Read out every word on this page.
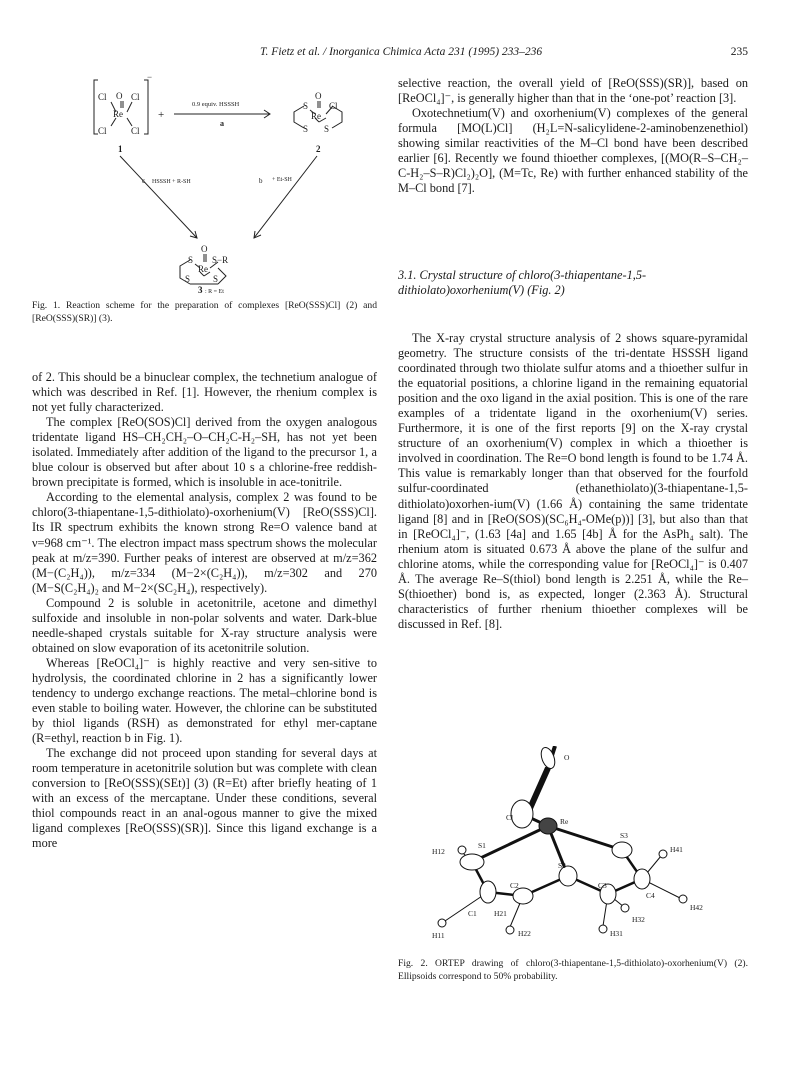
T. Fietz et al. / Inorganica Chimica Acta 231 (1995) 233–236	235
−
O
Cl	Cl
Re
Cl	Cl
+
0.9 equiv. HSSSH
a
O
S Cl
Re
S S
1	2
c HSSSH + R-SH	b + Et-SH
O
S S−R
Re
S	S
3 : R = Et
Fig. 1. Reaction scheme for the preparation of complexes [ReO(SSS)Cl] (2) and [ReO(SSS)(SR)] (3).

of 2. This should be a binuclear complex, the technetium analogue of which was described in Ref. [1]. However, the rhenium complex is not yet fully characterized.

The complex [ReO(SOS)Cl] derived from the oxygen analogous tridentate ligand HS–CH₂CH₂–O–CH₂C-H₂–SH, has not yet been isolated. Immediately after addition of the ligand to the precursor 1, a blue colour is observed but after about 10 s a chlorine-free reddish-brown precipitate is formed, which is insoluble in ace-tonitrile.

According to the elemental analysis, complex 2 was found to be chloro(3-thiapentane-1,5-dithiolato)-oxorhenium(V) [ReO(SSS)Cl]. Its IR spectrum exhibits the known strong Re=O valence band at ν=968 cm⁻¹. The electron impact mass spectrum shows the molecular peak at m/z=390. Further peaks of interest are observed at m/z=362 (M−(C₂H₄)), m/z=334 (M−2×(C₂H₄)), m/z=302 and 270 (M−S(C₂H₄)₂ and M−2×(SC₂H₄), respectively).

Compound 2 is soluble in acetonitrile, acetone and dimethyl sulfoxide and insoluble in non-polar solvents and water. Dark-blue needle-shaped crystals suitable for X-ray structure analysis were obtained on slow evaporation of its acetonitrile solution.

Whereas [ReOCl₄]⁻ is highly reactive and very sen-sitive to hydrolysis, the coordinated chlorine in 2 has a significantly lower tendency to undergo exchange reactions. The metal–chlorine bond is even stable to boiling water. However, the chlorine can be substituted by thiol ligands (RSH) as demonstrated for ethyl mer-captane (R=ethyl, reaction b in Fig. 1).

The exchange did not proceed upon standing for several days at room temperature in acetonitrile solution but was complete with clean conversion to [ReO(SSS)(SEt)] (3) (R=Et) after briefly heating of 1 with an excess of the mercaptane. Under these conditions, several thiol compounds react in an anal-ogous manner to give the mixed ligand complexes [ReO(SSS)(SR)]. Since this ligand exchange is a more

selective reaction, the overall yield of [ReO(SSS)(SR)], based on [ReOCl₄]⁻, is generally higher than that in the ‘one-pot’ reaction [3].

Oxotechnetium(V) and oxorhenium(V) complexes of the general formula [MO(L)Cl] (H₂L=N-salicylidene-2-aminobenzenethiol) showing similar reactivities of the M–Cl bond have been described earlier [6]. Recently we found thioether complexes, [(MO(R–S–CH₂–C-H₂–S–R)Cl₂)₂O], (M=Tc, Re) with further enhanced stability of the M–Cl bond [7].

3.1. Crystal structure of chloro(3-thiapentane-1,5-dithiolato)oxorhenium(V) (Fig. 2)

The X-ray crystal structure analysis of 2 shows square-pyramidal geometry. The structure consists of the tri-dentate HSSSH ligand coordinated through two thiolate sulfur atoms and a thioether sulfur in the equatorial positions, a chlorine ligand in the remaining equatorial position and the oxo ligand in the axial position. This is one of the rare examples of a tridentate ligand in the oxorhenium(V) series. Furthermore, it is one of the first reports [9] on the X-ray crystal structure of an oxorhenium(V) complex in which a thioether is involved in coordination. The Re=O bond length is found to be 1.74 Å. This value is remarkably longer than that observed for the fourfold sulfur-coordinated (ethanethiolato)(3-thiapentane-1,5-dithiolato)oxorhen-ium(V) (1.66 Å) containing the same tridentate ligand [8] and in [ReO(SOS)(SC₆H₄-OMe(p))] [3], but also than that in [ReOCl₄]⁻, (1.63 [4a] and 1.65 [4b] Å for the AsPh₄ salt). The rhenium atom is situated 0.673 Å above the plane of the sulfur and chlorine atoms, while the corresponding value for [ReOCl₄]⁻ is 0.407 Å. The average Re–S(thiol) bond length is 2.251 Å, while the Re–S(thioether) bond is, as expected, longer (2.363 Å). Structural characteristics of further rhenium thioether complexes will be discussed in Ref. [8].

O
Cl	Re
S1
S2
S3
C1
C2	C3
C4
H11
H12
H21
H22	H31
H32
H41
H42
Fig. 2. ORTEP drawing of chloro(3-thiapentane-1,5-dithiolato)-oxorhenium(V) (2). Ellipsoids correspond to 50% probability.
